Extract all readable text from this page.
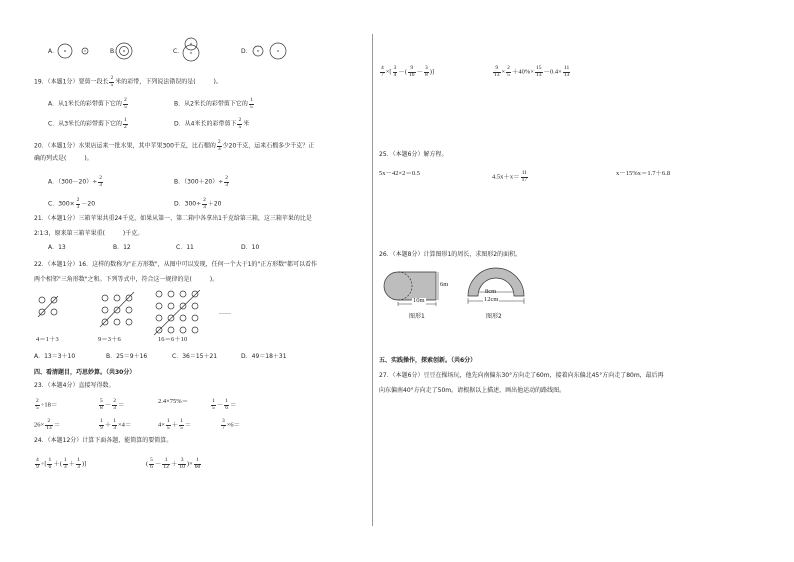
A．	B．	C．	D．
19．（本题1分）要剪一段长 $\frac{2}{5}$ 米的彩带，下列说法错误的是(　　　)。
A．从1米长的彩带剪下它的 $\frac{2}{5}$	B．从2米长的彩带剪下它的 $\frac{1}{5}$
C．从3米长的彩带剪下它的 $\frac{1}{2}$	D．从4米长的彩带剪下 $\frac{2}{5}$ 米
20．（本题1分）水果店运来一批水果，其中苹果300千克，比石榴的 $\frac{2}{3}$ 少20千克，运来石榴多少千克？正
确的列式是(　　　)。
A．$(300-20)\div \frac{2}{3}$	B．$(300+20)\div \frac{2}{3}$
C．$300\times \frac{2}{3} -20$	D．$300\div \frac{2}{3} +20$
21．（本题1分）三箱苹果共重24千克，如果从第一、第二箱中各拿出1千克给第三箱，这三箱苹果的比是
2∶1∶3，原来第三箱苹果重(　　　)千克。
A．13	B．12	C．11	D．10
22．（本题1分）16．这样的数称为"正方形数"，从图中可以发现，任何一个大于1的"正方形数"都可以看作
两个相邻"三角形数"之和。下列等式中，符合这一规律的是(　　　)。
……
4＝1＋3	9＝3＋6	16＝6＋10
A．13＝3＋10	B．25＝9＋16	C．36＝15＋21	D．49＝18＋31
四、看清题目，巧思妙算。（共30分）
23．（本题4分）直接写得数。
$\frac{2}{5} \div 18=$	$\frac{5}{8} - \frac{2}{3}$ ＝	2.4×75%＝	$\frac{1}{5} - \frac{1}{6}$ ＝
$26\times \frac{2}{13}$ ＝	$\frac{1}{9} + \frac{1}{3} \times 4=$	$4\times \frac{1}{5} + \frac{1}{5}$ ＝	$\frac{3}{7} \times 6=$
24．（本题12分）计算下面各题，能简算的要简算。
$\frac{4}{9}$ ÷[ $\frac{1}{6}$ ＋( $\frac{1}{3} + \frac{1}{3}$ )]	( $\frac{5}{6} - \frac{1}{12} + \frac{3}{10}$ )× $\frac{1}{60}$
$\frac{4}{7}$ ×[ $\frac{3}{4}$ －( $\frac{9}{16} - \frac{3}{8}$ )]	$\frac{9}{13} \times \frac{2}{5} +40\%\times \frac{15}{13} -0.4\times \frac{11}{13}$
25．（本题6分）解方程。
5x－42×2＝0.5	$4.5x+x= \frac{11}{17}$	x－15%x＝1.7＋6.8
26．（本题8分）计算图形1的周长，求图形2的面积。
10m
6m
图形1
8cm
12cm
图形2
五、实践操作，探索创新。（共6分）
27．（本题6分）豆豆在操场玩，他先向南偏东30°方向走了60m，接着向东偏北45°方向走了80m，最后再
向东偏南40°方向走了50m。请根据以上描述，画出他运动的路线图。
